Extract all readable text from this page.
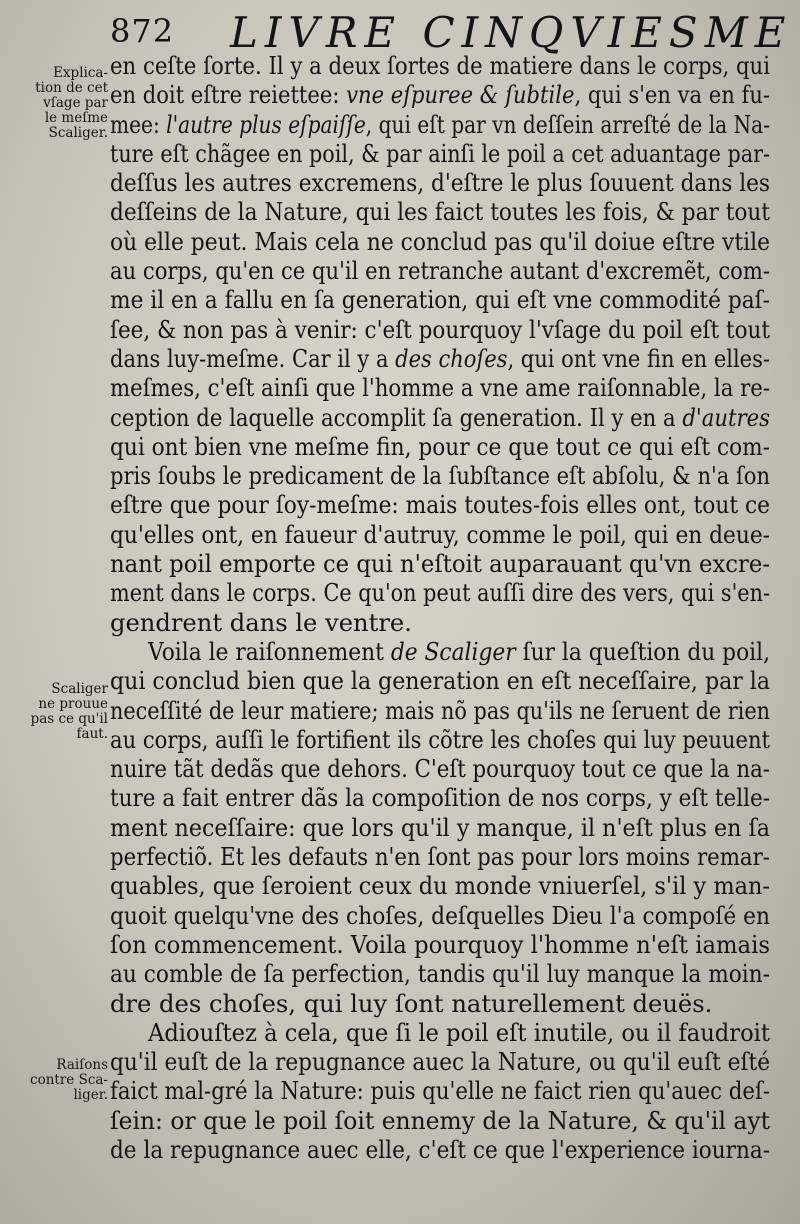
872 LIVRE CINQVIESME
Explica-
tion de cet
vſage par
le meſme
Scaliger.
Scaliger
ne prouue
pas ce qu'il
faut.
Raiſons
contre Sca-
liger.
en ceſte ſorte. Il y a deux ſortes de matiere dans le corps, qui
en doit eſtre reiettee: vne eſpuree & ſubtile, qui s'en va en fu-
mee: l'autre plus eſpaiſſe, qui eſt par vn deſſein arreſté de la Na-
ture eſt chãgee en poil, & par ainſi le poil a cet aduantage par-
deſſus les autres excremens, d'eſtre le plus ſouuent dans les
deſſeins de la Nature, qui les faict toutes les fois, & par tout
où elle peut. Mais cela ne conclud pas qu'il doiue eſtre vtile
au corps, qu'en ce qu'il en retranche autant d'excremẽt, com-
me il en a fallu en ſa generation, qui eſt vne commodité paſ-
ſee, & non pas à venir: c'eſt pourquoy l'vſage du poil eſt tout
dans luy-meſme. Car il y a des choſes, qui ont vne fin en elles-
meſmes, c'eſt ainſi que l'homme a vne ame raiſonnable, la re-
ception de laquelle accomplit ſa generation. Il y en a d'autres
qui ont bien vne meſme fin, pour ce que tout ce qui eſt com-
pris ſoubs le predicament de la ſubſtance eſt abſolu, & n'a ſon
eſtre que pour ſoy-meſme: mais toutes-fois elles ont, tout ce
qu'elles ont, en faueur d'autruy, comme le poil, qui en deue-
nant poil emporte ce qui n'eſtoit auparauant qu'vn excre-
ment dans le corps. Ce qu'on peut auſſi dire des vers, qui s'en-
gendrent dans le ventre.
Voila le raiſonnement de Scaliger ſur la queſtion du poil,
qui conclud bien que la generation en eſt neceſſaire, par la
neceſſité de leur matiere; mais nõ pas qu'ils ne ſeruent de rien
au corps, auſſi le fortifient ils cõtre les choſes qui luy peuuent
nuire tãt dedãs que dehors. C'eſt pourquoy tout ce que la na-
ture a fait entrer dãs la compoſition de nos corps, y eſt telle-
ment neceſſaire: que lors qu'il y manque, il n'eſt plus en ſa
perfectiõ. Et les defauts n'en ſont pas pour lors moins remar-
quables, que ſeroient ceux du monde vniuerſel, s'il y man-
quoit quelqu'vne des choſes, deſquelles Dieu l'a compoſé en
ſon commencement. Voila pourquoy l'homme n'eſt iamais
au comble de ſa perfection, tandis qu'il luy manque la moin-
dre des choſes, qui luy ſont naturellement deuës.
Adiouſtez à cela, que ſi le poil eſt inutile, ou il faudroit
qu'il euſt de la repugnance auec la Nature, ou qu'il euſt eſté
faict mal-gré la Nature: puis qu'elle ne faict rien qu'auec deſ-
ſein: or que le poil ſoit ennemy de la Nature, & qu'il ayt
de la repugnance auec elle, c'eſt ce que l'experience iourna-
